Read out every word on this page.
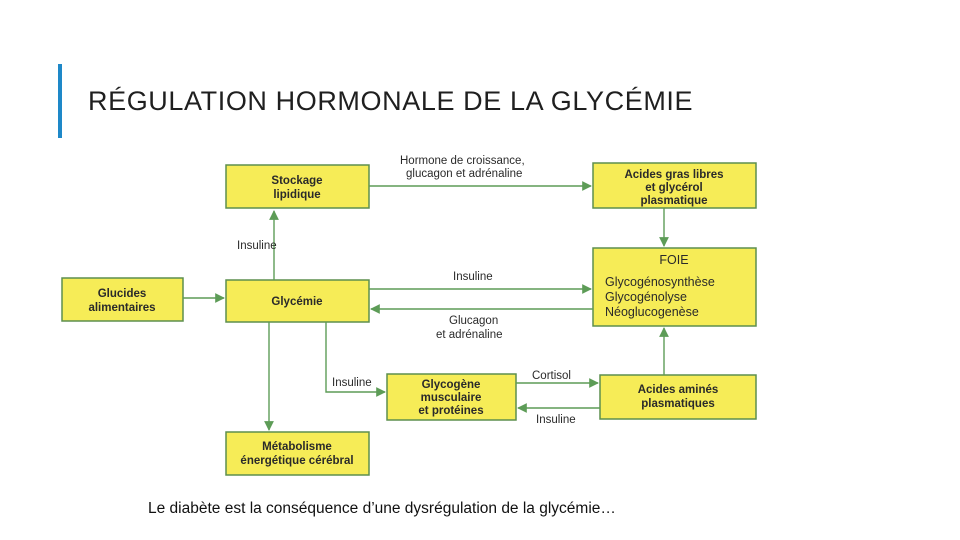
RÉGULATION HORMONALE DE LA GLYCÉMIE
Stockage
lipidique
Acides gras libres
et glycérol
plasmatique
Glucides
alimentaires	Glycémie
FOIE
Glycogénosynthèse
Glycogénolyse
Néoglucogenèse
Glycogène
musculaire
et protéines
Acides aminés
plasmatiques
Métabolisme
énergétique cérébral
Hormone de croissance,
glucagon et adrénaline
Insuline
Insuline
Glucagon
et adrénaline
Insuline
Cortisol
Insuline
Le diabète est la conséquence d’une dysrégulation de la glycémie…
